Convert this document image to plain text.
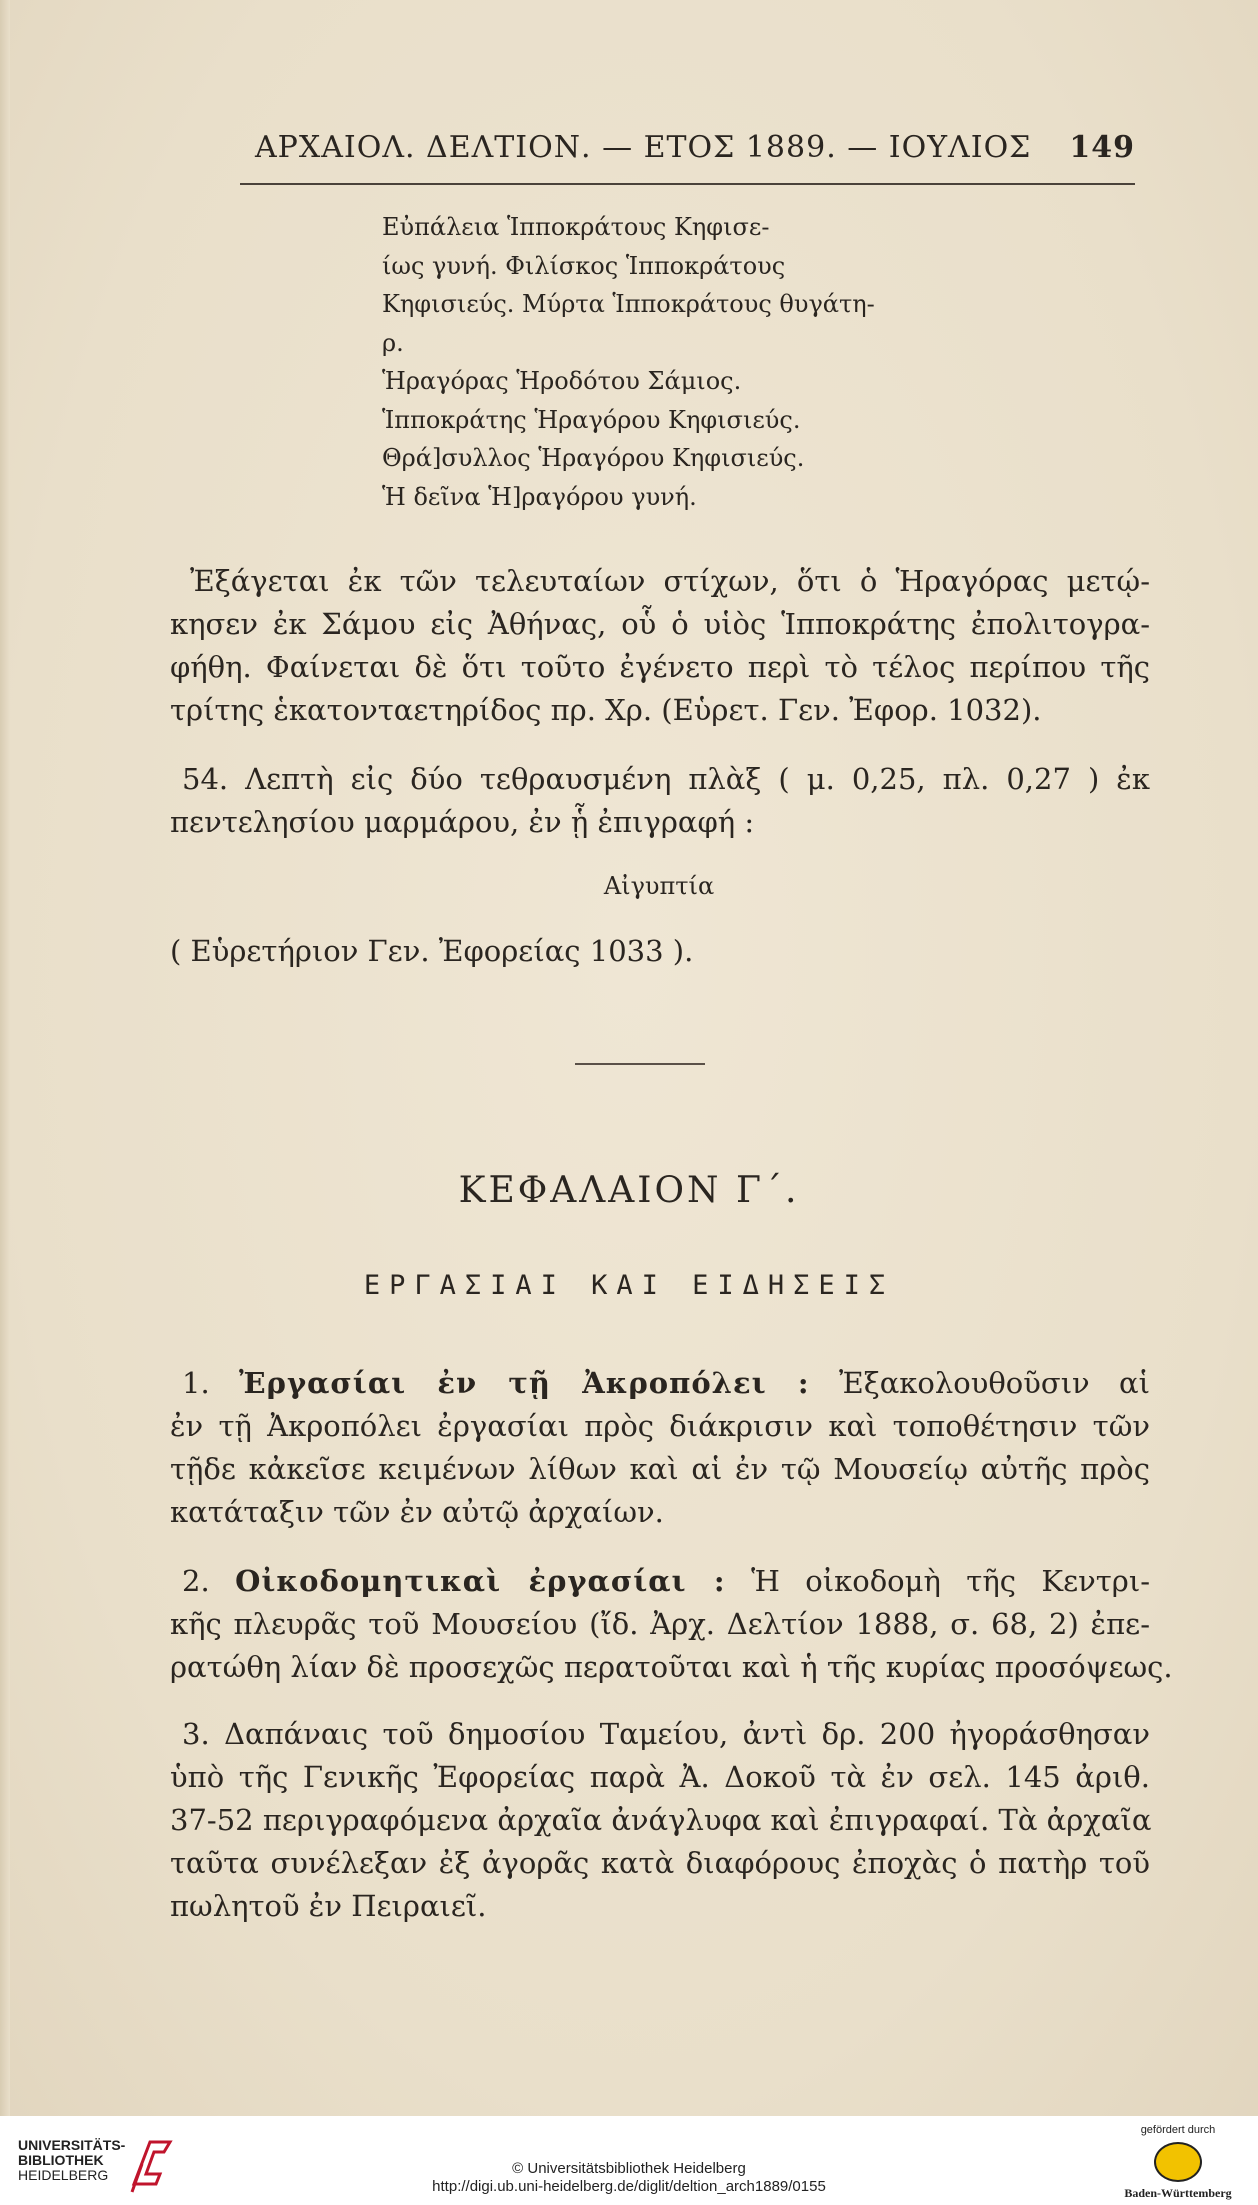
ΑΡΧΑΙΟΛ. ΔΕΛΤΙΟΝ. — ΕΤΟΣ 1889. — ΙΟΥΛΙΟΣ 149
Εὐπάλεια Ἱπποκράτους Κηφισε-
ίως γυνή. Φιλίσκος Ἱπποκράτους
Κηφισιεύς. Μύρτα Ἱπποκράτους θυγάτη-
ρ.
Ἡραγόρας Ἡροδότου Σάμιος.
Ἱπποκράτης Ἡραγόρου Κηφισιεύς.
Θρά]συλλος Ἡραγόρου Κηφισιεύς.
Ἡ δεῖνα Ἡ]ραγόρου γυνή.
Ἐξάγεται ἐκ τῶν τελευταίων στίχων, ὅτι ὁ Ἡραγόρας μετῴ-
κησεν ἐκ Σάμου εἰς Ἀθήνας, οὗ ὁ υἱὸς Ἱπποκράτης ἐπολιτογρα-
φήθη. Φαίνεται δὲ ὅτι τοῦτο ἐγένετο περὶ τὸ τέλος περίπου τῆς
τρίτης ἑκατονταετηρίδος πρ. Χρ. (Εὑρετ. Γεν. Ἐφορ. 1032).
54. Λεπτὴ εἰς δύο τεθραυσμένη πλὰξ ( μ. 0,25, πλ. 0,27 ) ἐκ
πεντελησίου μαρμάρου, ἐν ᾗ ἐπιγραφή :
Αἰγυπτία
( Εὑρετήριον Γεν. Ἐφορείας 1033 ).
ΚΕΦΑΛΑΙΟΝ Γ΄.
ΕΡΓΑΣΙΑΙ ΚΑΙ ΕΙΔΗΣΕΙΣ
1. Ἐργασίαι ἐν τῇ Ἀκροπόλει : Ἐξακολουθοῦσιν αἱ
ἐν τῇ Ἀκροπόλει ἐργασίαι πρὸς διάκρισιν καὶ τοποθέτησιν τῶν
τῇδε κἀκεῖσε κειμένων λίθων καὶ αἱ ἐν τῷ Μουσείῳ αὐτῆς πρὸς
κατάταξιν τῶν ἐν αὐτῷ ἀρχαίων.
2. Οἰκοδομητικαὶ ἐργασίαι : Ἡ οἰκοδομὴ τῆς Κεντρι-
κῆς πλευρᾶς τοῦ Μουσείου (ἴδ. Ἀρχ. Δελτίον 1888, σ. 68, 2) ἐπε-
ρατώθη λίαν δὲ προσεχῶς περατοῦται καὶ ἡ τῆς κυρίας προσόψεως.
3. Δαπάναις τοῦ δημοσίου Ταμείου, ἀντὶ δρ. 200 ἠγοράσθησαν
ὑπὸ τῆς Γενικῆς Ἐφορείας παρὰ Ἀ. Δοκοῦ τὰ ἐν σελ. 145 ἀριθ.
37-52 περιγραφόμενα ἀρχαῖα ἀνάγλυφα καὶ ἐπιγραφαί. Τὰ ἀρχαῖα
ταῦτα συνέλεξαν ἐξ ἀγορᾶς κατὰ διαφόρους ἐποχὰς ὁ πατὴρ τοῦ
πωλητοῦ ἐν Πειραιεῖ.
UNIVERSITÄTS-
BIBLIOTHEK
HEIDELBERG	© Universitätsbibliothek Heidelberg
http://digi.ub.uni-heidelberg.de/diglit/deltion_arch1889/0155
gefördert durch
Baden-Württemberg
